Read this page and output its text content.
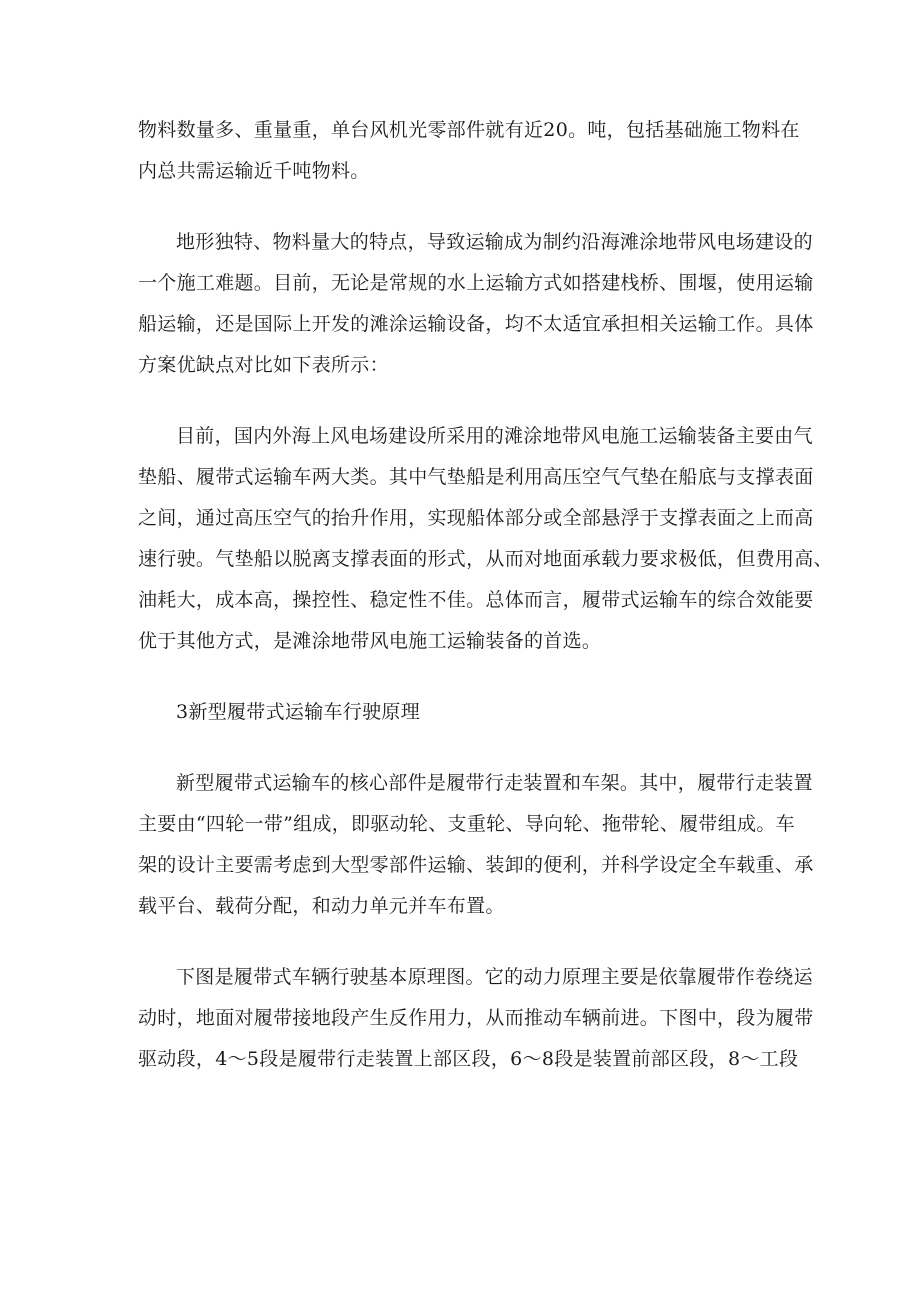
物料数量多、重量重，单台风机光零部件就有近20。吨，包括基础施工物料在
内总共需运输近千吨物料。
地形独特、物料量大的特点，导致运输成为制约沿海滩涂地带风电场建设的
一个施工难题。目前，无论是常规的水上运输方式如搭建栈桥、围堰，使用运输
船运输，还是国际上开发的滩涂运输设备，均不太适宜承担相关运输工作。具体
方案优缺点对比如下表所示：
目前，国内外海上风电场建设所采用的滩涂地带风电施工运输装备主要由气
垫船、履带式运输车两大类。其中气垫船是利用高压空气气垫在船底与支撑表面
之间，通过高压空气的抬升作用，实现船体部分或全部悬浮于支撑表面之上而高
速行驶。气垫船以脱离支撑表面的形式，从而对地面承载力要求极低，但费用高、
油耗大，成本高，操控性、稳定性不佳。总体而言，履带式运输车的综合效能要
优于其他方式，是滩涂地带风电施工运输装备的首选。
3新型履带式运输车行驶原理
新型履带式运输车的核心部件是履带行走装置和车架。其中，履带行走装置
主要由“四轮一带”组成，即驱动轮、支重轮、导向轮、拖带轮、履带组成。车
架的设计主要需考虑到大型零部件运输、装卸的便利，并科学设定全车载重、承
载平台、载荷分配，和动力单元并车布置。
下图是履带式车辆行驶基本原理图。它的动力原理主要是依靠履带作卷绕运
动时，地面对履带接地段产生反作用力，从而推动车辆前进。下图中，段为履带
驱动段，4～5段是履带行走装置上部区段，6～8段是装置前部区段，8～工段
